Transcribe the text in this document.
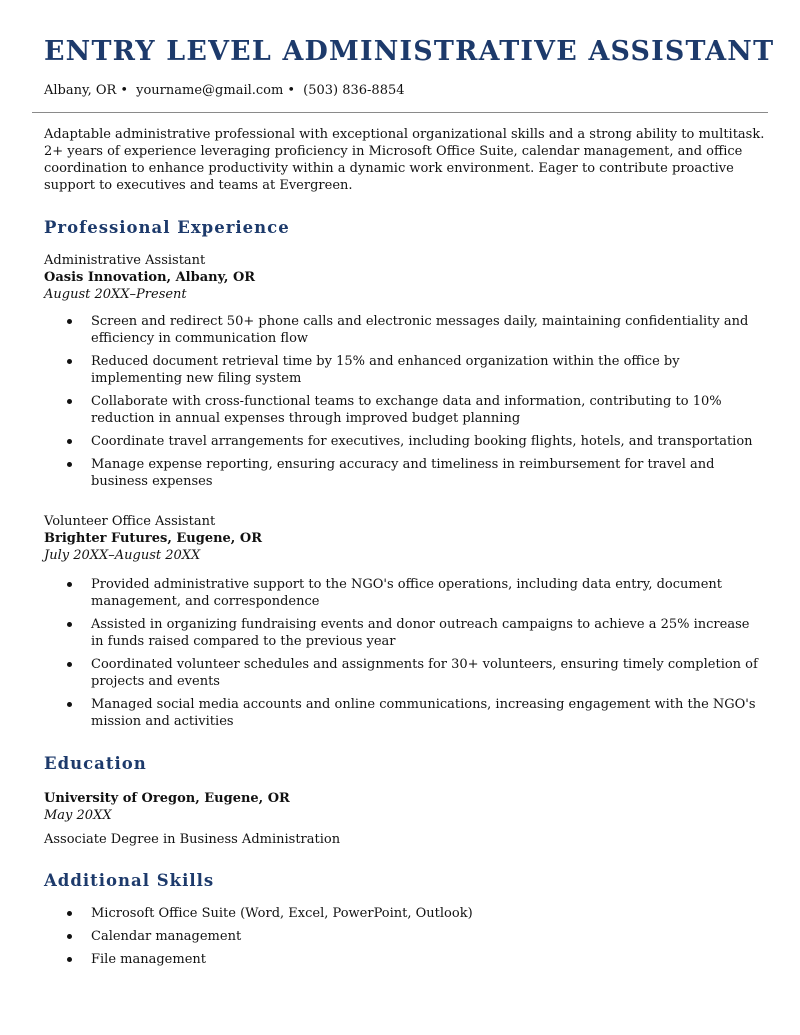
ENTRY LEVEL ADMINISTRATIVE ASSISTANT
Albany, OR • yourname@gmail.com • (503) 836-8854

Adaptable administrative professional with exceptional organizational skills and a strong ability to multitask. 2+ years of experience leveraging proficiency in Microsoft Office Suite, calendar management, and office coordination to enhance productivity within a dynamic work environment. Eager to contribute proactive support to executives and teams at Evergreen.

Professional Experience
Administrative Assistant
Oasis Innovation, Albany, OR
August 20XX–Present
Screen and redirect 50+ phone calls and electronic messages daily, maintaining confidentiality and efficiency in communication flow
Reduced document retrieval time by 15% and enhanced organization within the office by implementing new filing system
Collaborate with cross-functional teams to exchange data and information, contributing to 10% reduction in annual expenses through improved budget planning
Coordinate travel arrangements for executives, including booking flights, hotels, and transportation
Manage expense reporting, ensuring accuracy and timeliness in reimbursement for travel and business expenses
Volunteer Office Assistant
Brighter Futures, Eugene, OR
July 20XX–August 20XX
Provided administrative support to the NGO's office operations, including data entry, document management, and correspondence
Assisted in organizing fundraising events and donor outreach campaigns to achieve a 25% increase in funds raised compared to the previous year
Coordinated volunteer schedules and assignments for 30+ volunteers, ensuring timely completion of projects and events
Managed social media accounts and online communications, increasing engagement with the NGO's mission and activities
Education
University of Oregon, Eugene, OR
May 20XX
Associate Degree in Business Administration
Additional Skills
Microsoft Office Suite (Word, Excel, PowerPoint, Outlook)
Calendar management
File management
